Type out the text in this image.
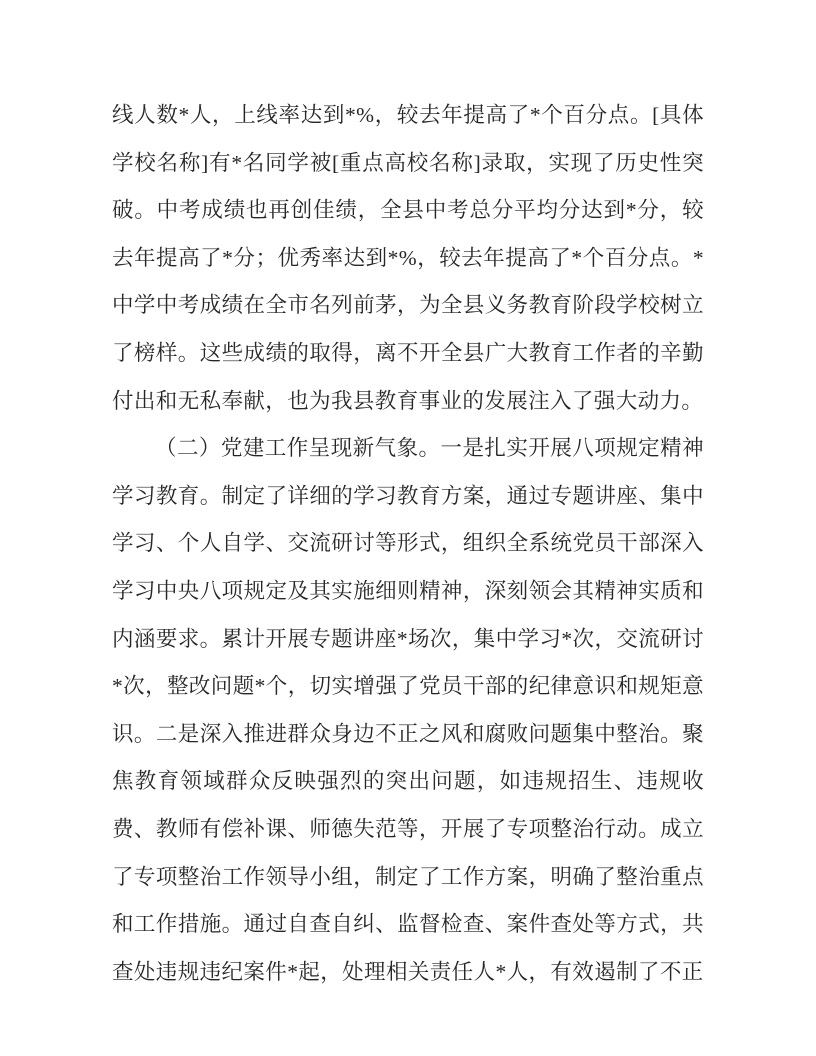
线人数*人，上线率达到*%，较去年提高了*个百分点。[具体学校名称]有*名同学被[重点高校名称]录取，实现了历史性突破。中考成绩也再创佳绩，全县中考总分平均分达到*分，较去年提高了*分；优秀率达到*%，较去年提高了*个百分点。*中学中考成绩在全市名列前茅，为全县义务教育阶段学校树立了榜样。这些成绩的取得，离不开全县广大教育工作者的辛勤付出和无私奉献，也为我县教育事业的发展注入了强大动力。

（二）党建工作呈现新气象。一是扎实开展八项规定精神学习教育。制定了详细的学习教育方案，通过专题讲座、集中学习、个人自学、交流研讨等形式，组织全系统党员干部深入学习中央八项规定及其实施细则精神，深刻领会其精神实质和内涵要求。累计开展专题讲座*场次，集中学习*次，交流研讨*次，整改问题*个，切实增强了党员干部的纪律意识和规矩意识。二是深入推进群众身边不正之风和腐败问题集中整治。聚焦教育领域群众反映强烈的突出问题，如违规招生、违规收费、教师有偿补课、师德失范等，开展了专项整治行动。成立了专项整治工作领导小组，制定了工作方案，明确了整治重点和工作措施。通过自查自纠、监督检查、案件查处等方式，共查处违规违纪案件*起，处理相关责任人*人，有效遏制了不正
